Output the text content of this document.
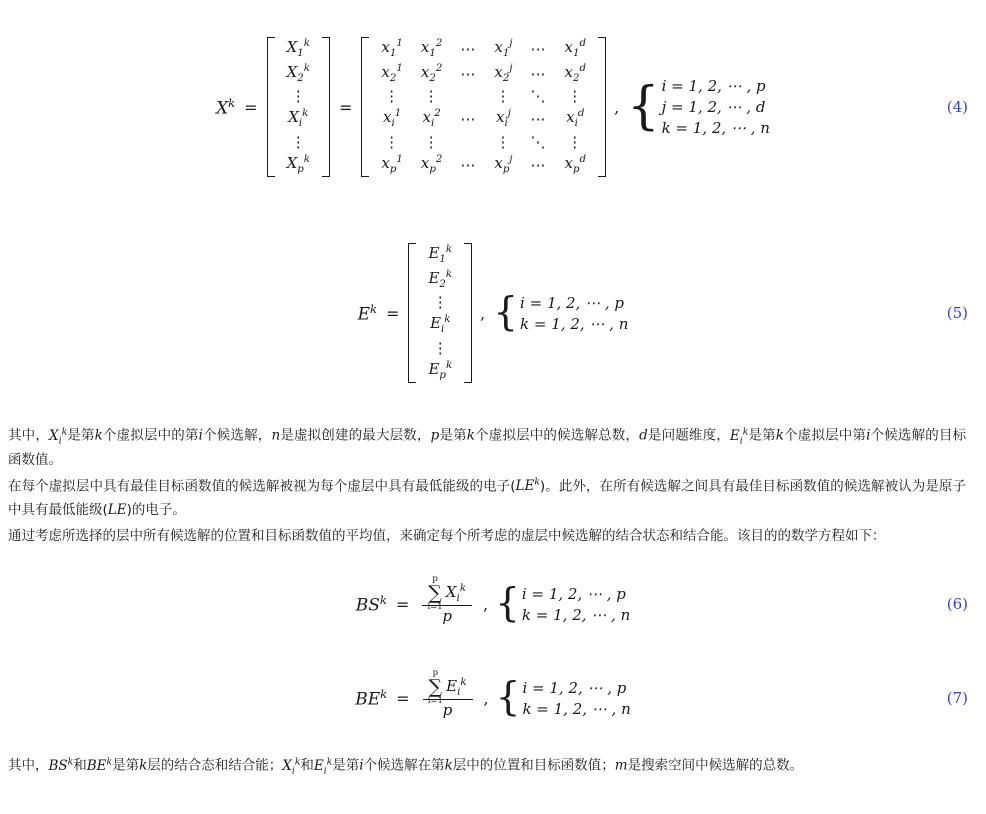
$X^k$ =
$X_1^k$
$X_2^k$
⋮
$X_i^k$
⋮
$X_p^k$
=
$x_1^1$	$x_1^2$	⋯	$x_1^j$	⋯	$x_1^d$
$x_2^1$	$x_2^2$	⋯	$x_2^j$	⋯	$x_2^d$
⋮	⋮		⋮	⋱	⋮
$x_i^1$	$x_i^2$	⋯	$x_i^j$	⋯	$x_i^d$
⋮	⋮		⋮	⋱	⋮
$x_p^1$	$x_p^2$	⋯	$x_p^j$	⋯	$x_p^d$
, { i = 1, 2, ⋯ , p
j = 1, 2, ⋯ , d
k = 1, 2, ⋯ , n
(4)
$E^k$ =
$E_1^k$
$E_2^k$
⋮
$E_i^k$
⋮
$E_p^k$
, { i = 1, 2, ⋯ , p
k = 1, 2, ⋯ , n
(5)
其中，$X_i^k$是第k个虚拟层中的第i个候选解，n是虚拟创建的最大层数，p是第k个虚拟层中的候选解总数，d是问题维度，$E_i^k$是第k个虚拟层中第i个候选解的目标函数值。
在每个虚拟层中具有最佳目标函数值的候选解被视为每个虚层中具有最低能级的电子$(LE^k)$。此外，在所有候选解之间具有最佳目标函数值的候选解被认为是原子中具有最低能级(LE)的电子。
通过考虑所选择的层中所有候选解的位置和目标函数值的平均值，来确定每个所考虑的虚层中候选解的结合状态和结合能。该目的的数学方程如下：
$BS^k$ = ∑
p
i=1
$X_i^k$
p , { i = 1, 2, ⋯ , p
k = 1, 2, ⋯ , n
(6)
$BE^k$ = ∑
p
i=1
$E_i^k$
p , { i = 1, 2, ⋯ , p
k = 1, 2, ⋯ , n
(7)
其中，$BS^k$和$BE^k$是第k层的结合态和结合能；$X_i^k$和$E_i^k$是第i个候选解在第k层中的位置和目标函数值；m是搜索空间中候选解的总数。
